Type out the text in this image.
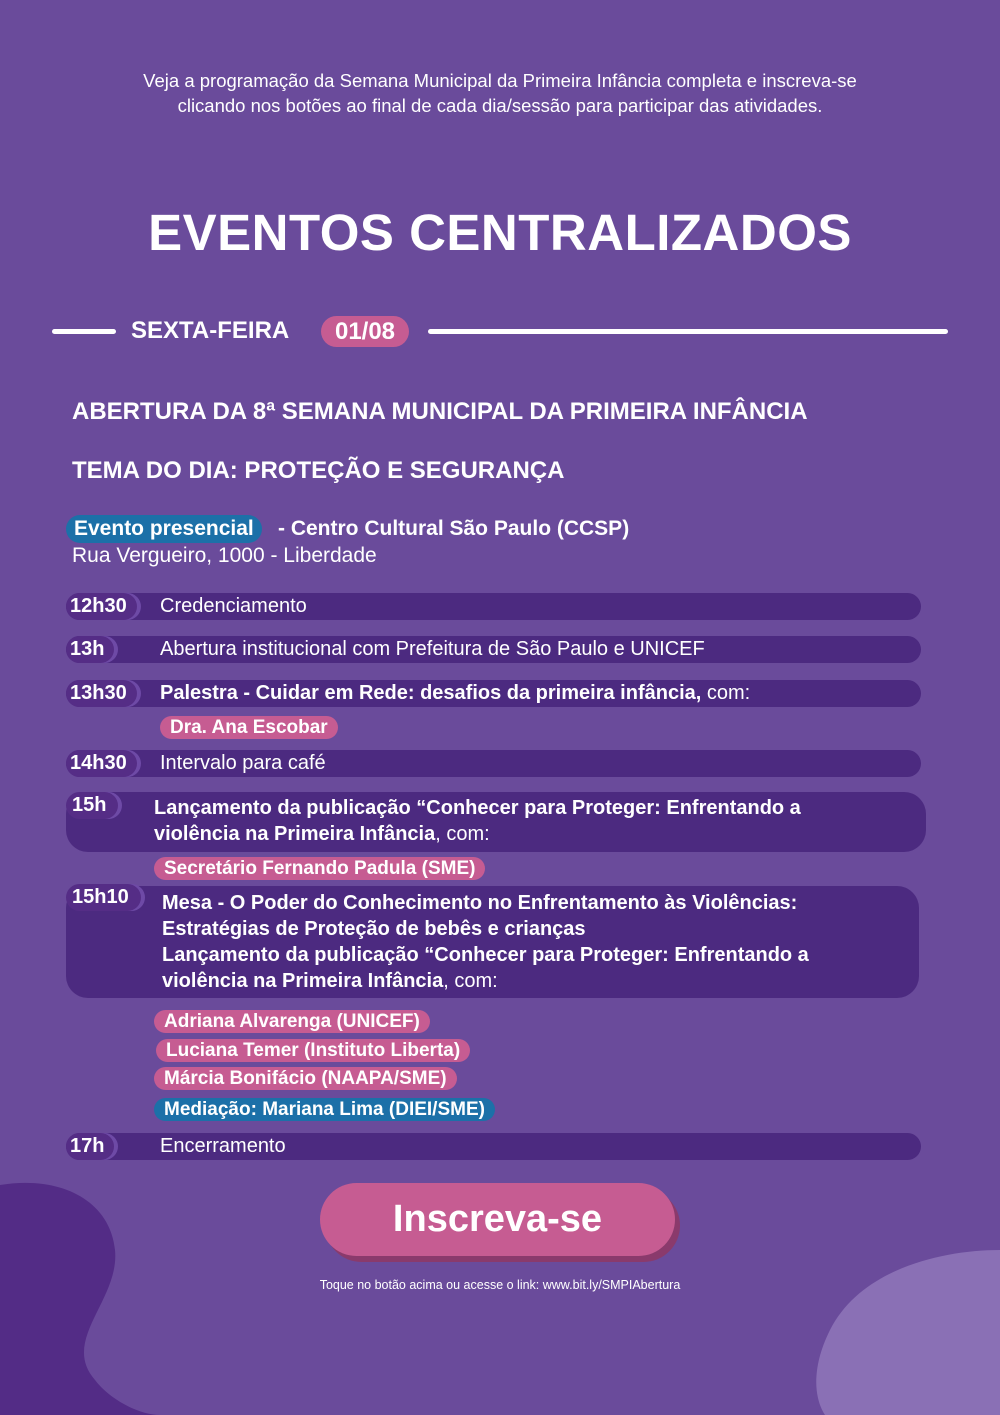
Veja a programação da Semana Municipal da Primeira Infância completa e inscreva-se
clicando nos botões ao final de cada dia/sessão para participar das atividades.
EVENTOS CENTRALIZADOS
SEXTA-FEIRA	01/08
ABERTURA DA 8ª SEMANA MUNICIPAL DA PRIMEIRA INFÂNCIA
TEMA DO DIA: PROTEÇÃO E SEGURANÇA
Evento presencial	- Centro Cultural São Paulo (CCSP)
Rua Vergueiro, 1000 - Liberdade
12h30	Credenciamento
13h	Abertura institucional com Prefeitura de São Paulo e UNICEF
13h30	Palestra - Cuidar em Rede: desafios da primeira infância, com:
Dra. Ana Escobar
14h30	Intervalo para café
15h	Lançamento da publicação “Conhecer para Proteger: Enfrentando a
violência na Primeira Infância, com:
Secretário Fernando Padula (SME)
15h10	Mesa - O Poder do Conhecimento no Enfrentamento às Violências:
Estratégias de Proteção de bebês e crianças
Lançamento da publicação “Conhecer para Proteger: Enfrentando a
violência na Primeira Infância, com:
Adriana Alvarenga (UNICEF)
Luciana Temer (Instituto Liberta)
Márcia Bonifácio (NAAPA/SME)
Mediação: Mariana Lima (DIEI/SME)
17h	Encerramento
Inscreva-se
Toque no botão acima ou acesse o link: www.bit.ly/SMPIAbertura
